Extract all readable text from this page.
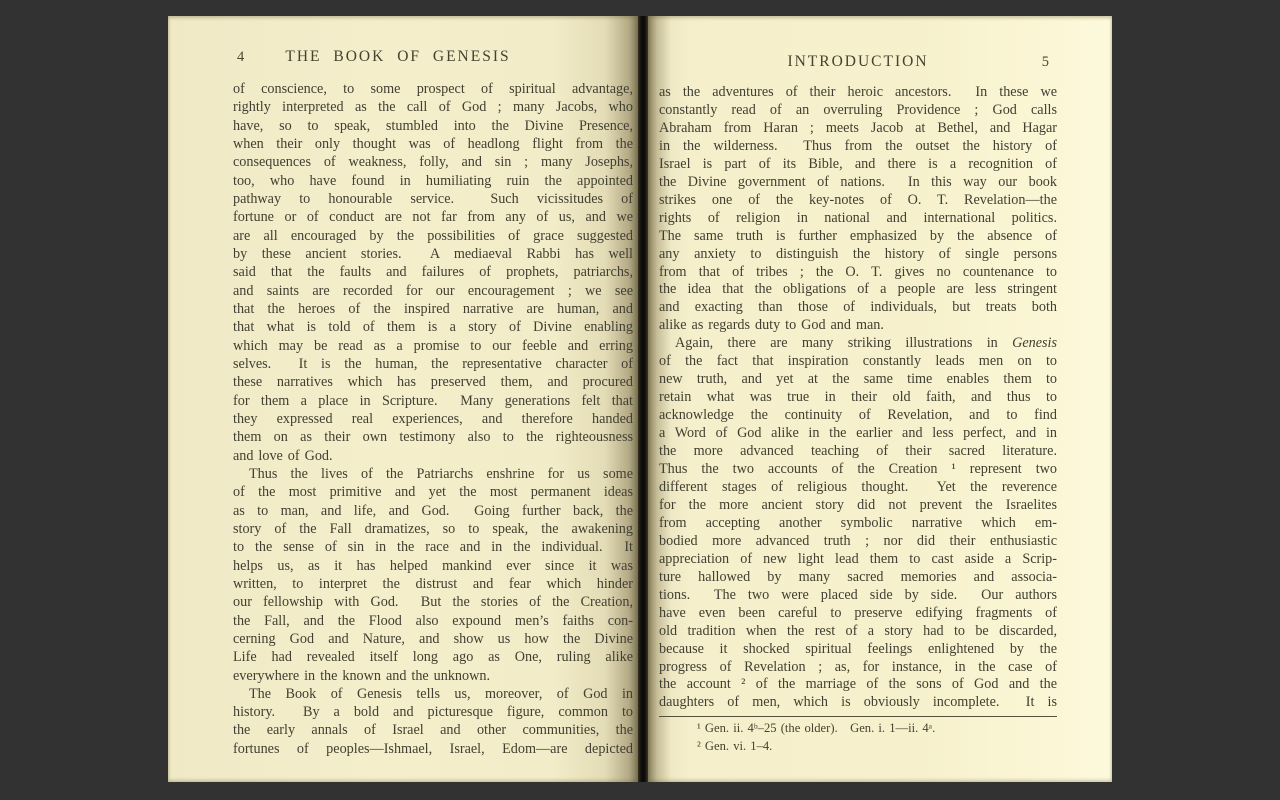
4	THE BOOK OF GENESIS
of conscience, to some prospect of spiritual advantage,
rightly interpreted as the call of God ; many Jacobs, who
have, so to speak, stumbled into the Divine Presence,
when their only thought was of headlong flight from the
consequences of weakness, folly, and sin ; many Josephs,
too, who have found in humiliating ruin the appointed
pathway to honourable service.  Such vicissitudes of
fortune or of conduct are not far from any of us, and we
are all encouraged by the possibilities of grace suggested
by these ancient stories.  A mediaeval Rabbi has well
said that the faults and failures of prophets, patriarchs,
and saints are recorded for our encouragement ; we see
that the heroes of the inspired narrative are human, and
that what is told of them is a story of Divine enabling
which may be read as a promise to our feeble and erring
selves.  It is the human, the representative character of
these narratives which has preserved them, and procured
for them a place in Scripture.  Many generations felt that
they expressed real experiences, and therefore handed
them on as their own testimony also to the righteousness
and love of God.
Thus the lives of the Patriarchs enshrine for us some
of the most primitive and yet the most permanent ideas
as to man, and life, and God.  Going further back, the
story of the Fall dramatizes, so to speak, the awakening
to the sense of sin in the race and in the individual.  It
helps us, as it has helped mankind ever since it was
written, to interpret the distrust and fear which hinder
our fellowship with God.  But the stories of the Creation,
the Fall, and the Flood also expound men’s faiths con-
cerning God and Nature, and show us how the Divine
Life had revealed itself long ago as One, ruling alike
everywhere in the known and the unknown.
The Book of Genesis tells us, moreover, of God in
history.  By a bold and picturesque figure, common to
the early annals of Israel and other communities, the
fortunes of peoples—Ishmael, Israel, Edom—are depicted
INTRODUCTION	5
as the adventures of their heroic ancestors.  In these we
constantly read of an overruling Providence ; God calls
Abraham from Haran ; meets Jacob at Bethel, and Hagar
in the wilderness.  Thus from the outset the history of
Israel is part of its Bible, and there is a recognition of
the Divine government of nations.  In this way our book
strikes one of the key-notes of O. T. Revelation—the
rights of religion in national and international politics.
The same truth is further emphasized by the absence of
any anxiety to distinguish the history of single persons
from that of tribes ; the O. T. gives no countenance to
the idea that the obligations of a people are less stringent
and exacting than those of individuals, but treats both
alike as regards duty to God and man.
Again, there are many striking illustrations in Genesis
of the fact that inspiration constantly leads men on to
new truth, and yet at the same time enables them to
retain what was true in their old faith, and thus to
acknowledge the continuity of Revelation, and to find
a Word of God alike in the earlier and less perfect, and in
the more advanced teaching of their sacred literature.
Thus the two accounts of the Creation ¹ represent two
different stages of religious thought.  Yet the reverence
for the more ancient story did not prevent the Israelites
from accepting another symbolic narrative which em-
bodied more advanced truth ; nor did their enthusiastic
appreciation of new light lead them to cast aside a Scrip-
ture hallowed by many sacred memories and associa-
tions.  The two were placed side by side.  Our authors
have even been careful to preserve edifying fragments of
old tradition when the rest of a story had to be discarded,
because it shocked spiritual feelings enlightened by the
progress of Revelation ; as, for instance, in the case of
the account ² of the marriage of the sons of God and the
daughters of men, which is obviously incomplete.  It is
¹ Gen. ii. 4ᵇ–25 (the older).   Gen. i. 1—ii. 4ᵃ.
² Gen. vi. 1–4.
